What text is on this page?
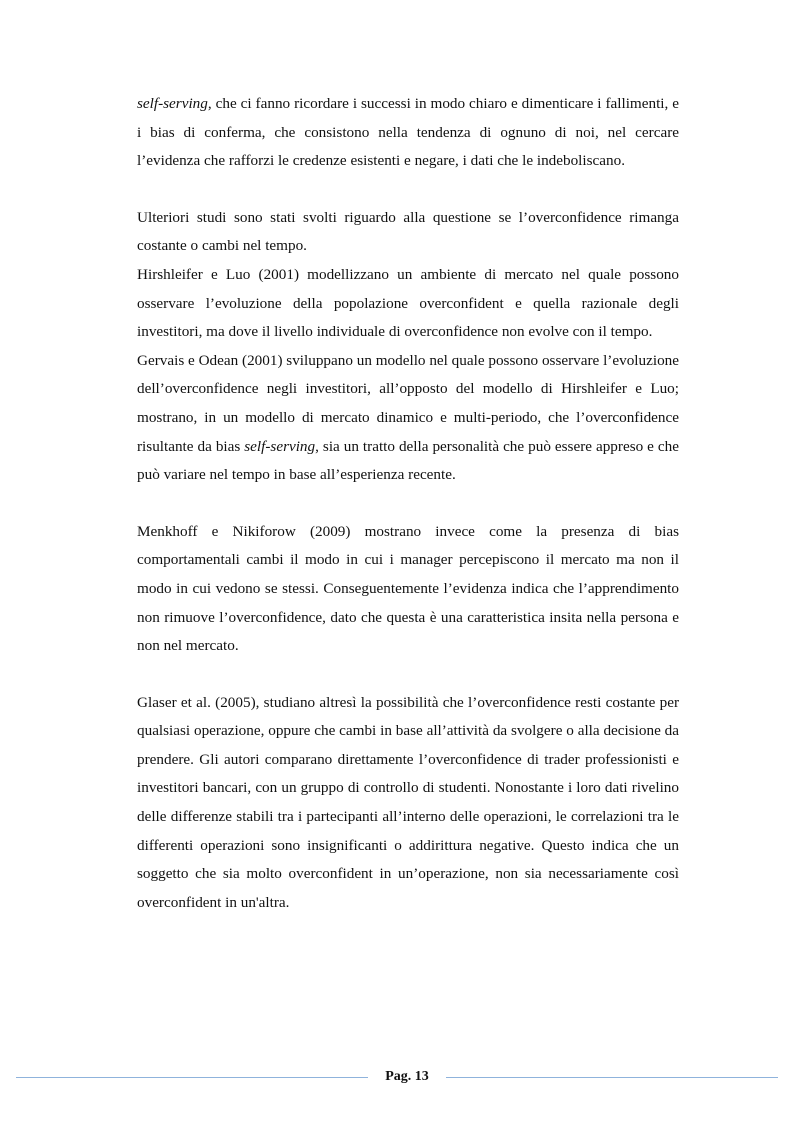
self-serving, che ci fanno ricordare i successi in modo chiaro e dimenticare i fallimenti, e i bias di conferma, che consistono nella tendenza di ognuno di noi, nel cercare l’evidenza che rafforzi le credenze esistenti e negare, i dati che le indeboliscano.

Ulteriori studi sono stati svolti riguardo alla questione se l’overconfidence rimanga costante o cambi nel tempo.

Hirshleifer e Luo (2001) modellizzano un ambiente di mercato nel quale possono osservare l’evoluzione della popolazione overconfident e quella razionale degli investitori, ma dove il livello individuale di overconfidence non evolve con il tempo.

Gervais e Odean (2001) sviluppano un modello nel quale possono osservare l’evoluzione dell’overconfidence negli investitori, all’opposto del modello di Hirshleifer e Luo; mostrano, in un modello di mercato dinamico e multi-periodo, che l’overconfidence risultante da bias self-serving, sia un tratto della personalità che può essere appreso e che può variare nel tempo in base all’esperienza recente.

Menkhoff e Nikiforow (2009) mostrano invece come la presenza di bias comportamentali cambi il modo in cui i manager percepiscono il mercato ma non il modo in cui vedono se stessi. Conseguentemente l’evidenza indica che l’apprendimento non rimuove l’overconfidence, dato che questa è una caratteristica insita nella persona e non nel mercato.

Glaser et al. (2005), studiano altresì la possibilità che l’overconfidence resti costante per qualsiasi operazione, oppure che cambi in base all’attività da svolgere o alla decisione da prendere. Gli autori comparano direttamente l’overconfidence di trader professionisti e investitori bancari, con un gruppo di controllo di studenti. Nonostante i loro dati rivelino delle differenze stabili tra i partecipanti all’interno delle operazioni, le correlazioni tra le differenti operazioni sono insignificanti o addirittura negative. Questo indica che un soggetto che sia molto overconfident in un’operazione, non sia necessariamente così overconfident in un'altra.

Pag. 13
